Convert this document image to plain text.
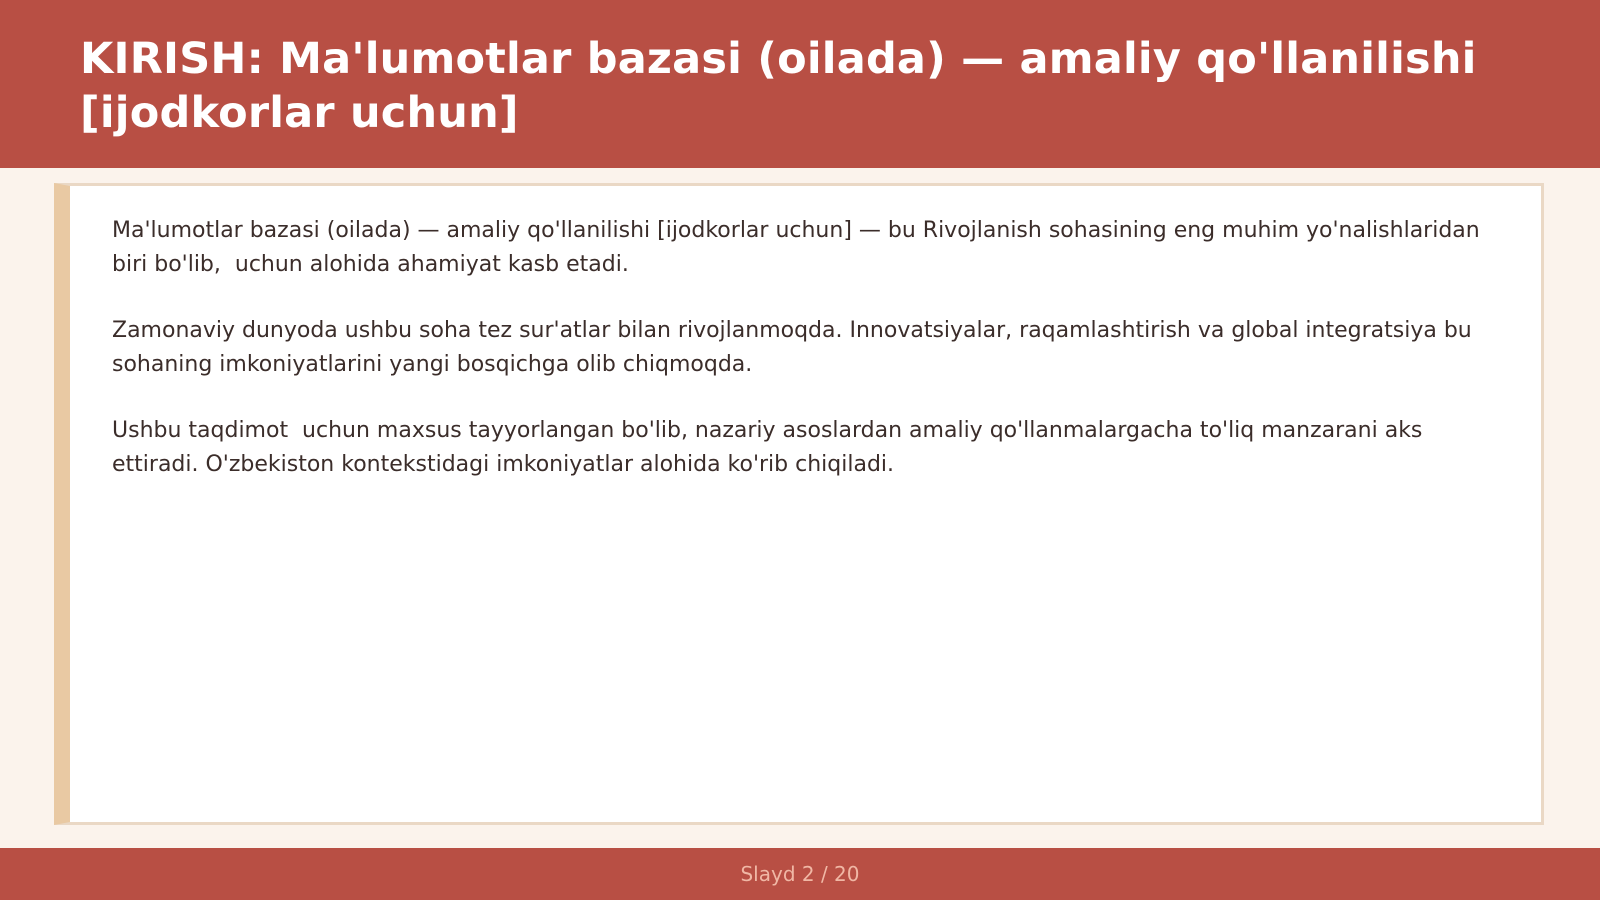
KIRISH: Ma'lumotlar bazasi (oilada) — amaliy qo'llanilishi [ijodkorlar uchun]

Ma'lumotlar bazasi (oilada) — amaliy qo'llanilishi [ijodkorlar uchun] — bu Rivojlanish sohasining eng muhim yo'nalishlaridan biri bo'lib,  uchun alohida ahamiyat kasb etadi.

Zamonaviy dunyoda ushbu soha tez sur'atlar bilan rivojlanmoqda. Innovatsiyalar, raqamlashtirish va global integratsiya bu sohaning imkoniyatlarini yangi bosqichga olib chiqmoqda.

Ushbu taqdimot  uchun maxsus tayyorlangan bo'lib, nazariy asoslardan amaliy qo'llanmalargacha to'liq manzarani aks ettiradi. O'zbekiston kontekstidagi imkoniyatlar alohida ko'rib chiqiladi.

Slayd 2 / 20
